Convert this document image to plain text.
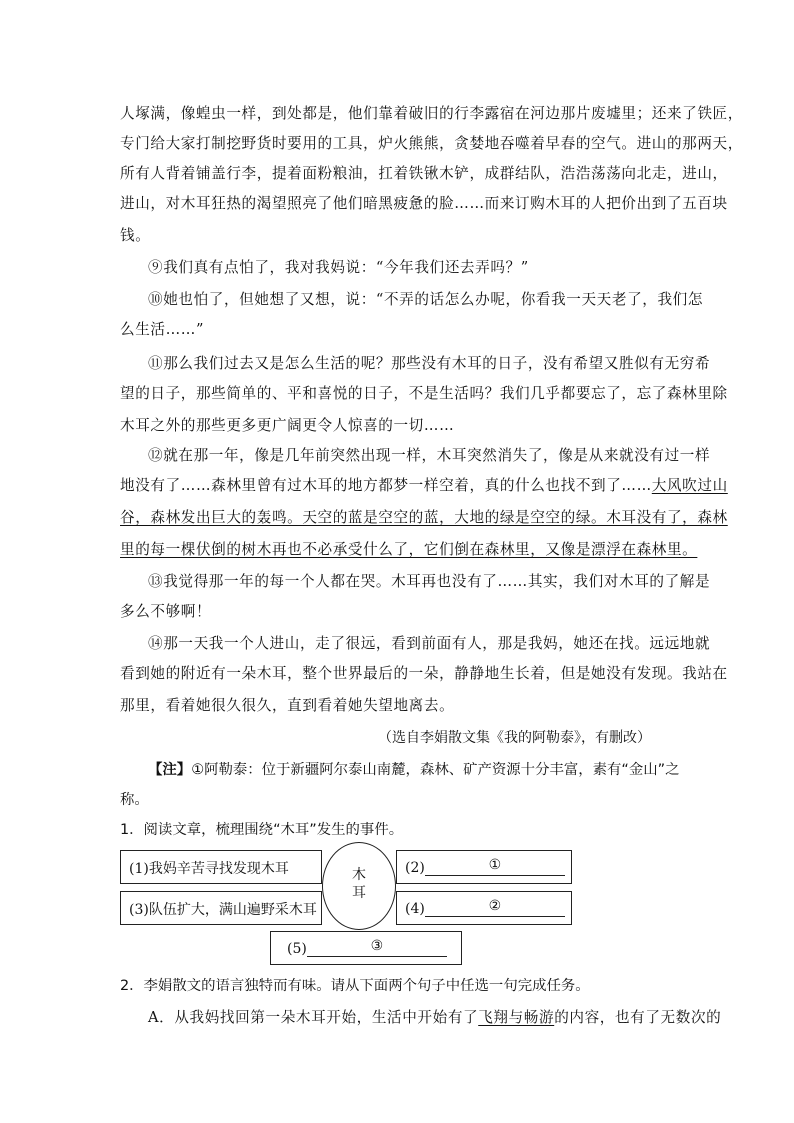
人塚满，像蝗虫一样，到处都是，他们靠着破旧的行李露宿在河边那片废墟里；还来了铁匠，
专门给大家打制挖野货时要用的工具，炉火熊熊，贪婪地吞噬着早春的空气。进山的那两天，
所有人背着铺盖行李，提着面粉粮油，扛着铁锹木铲，成群结队，浩浩荡荡向北走，进山，
进山，对木耳狂热的渴望照亮了他们暗黑疲惫的脸……而来订购木耳的人把价出到了五百块
钱。
⑨我们真有点怕了，我对我妈说：“今年我们还去弄吗？”
⑩她也怕了，但她想了又想，说：“不弄的话怎么办呢，你看我一天天老了，我们怎
么生活……”
⑪那么我们过去又是怎么生活的呢？那些没有木耳的日子，没有希望又胜似有无穷希
望的日子，那些简单的、平和喜悦的日子，不是生活吗？我们几乎都要忘了，忘了森林里除
木耳之外的那些更多更广阔更令人惊喜的一切……
⑫就在那一年，像是几年前突然出现一样，木耳突然消失了，像是从来就没有过一样
地没有了……森林里曾有过木耳的地方都梦一样空着，真的什么也找不到了……大风吹过山
谷，森林发出巨大的轰鸣。天空的蓝是空空的蓝，大地的绿是空空的绿。木耳没有了，森林
里的每一棵伏倒的树木再也不必承受什么了，它们倒在森林里，又像是漂浮在森林里。
⑬我觉得那一年的每一个人都在哭。木耳再也没有了……其实，我们对木耳的了解是
多么不够啊！
⑭那一天我一个人进山，走了很远，看到前面有人，那是我妈，她还在找。远远地就
看到她的附近有一朵木耳，整个世界最后的一朵，静静地生长着，但是她没有发现。我站在
那里，看着她很久很久，直到看着她失望地离去。
（选自李娟散文集《我的阿勒泰》，有删改）
【注】①阿勒泰：位于新疆阿尔泰山南麓，森林、矿产资源十分丰富，素有“金山”之
称。
1．阅读文章，梳理围绕“木耳”发生的事件。
(1)我妈辛苦寻找发现木耳
(3)队伍扩大，满山遍野采木耳
(2)	①
(4)	②
木
耳
(5)	③
2．李娟散文的语言独特而有味。请从下面两个句子中任选一句完成任务。
A．从我妈找回第一朵木耳开始，生活中开始有了飞翔与畅游的内容，也有了无数次的
